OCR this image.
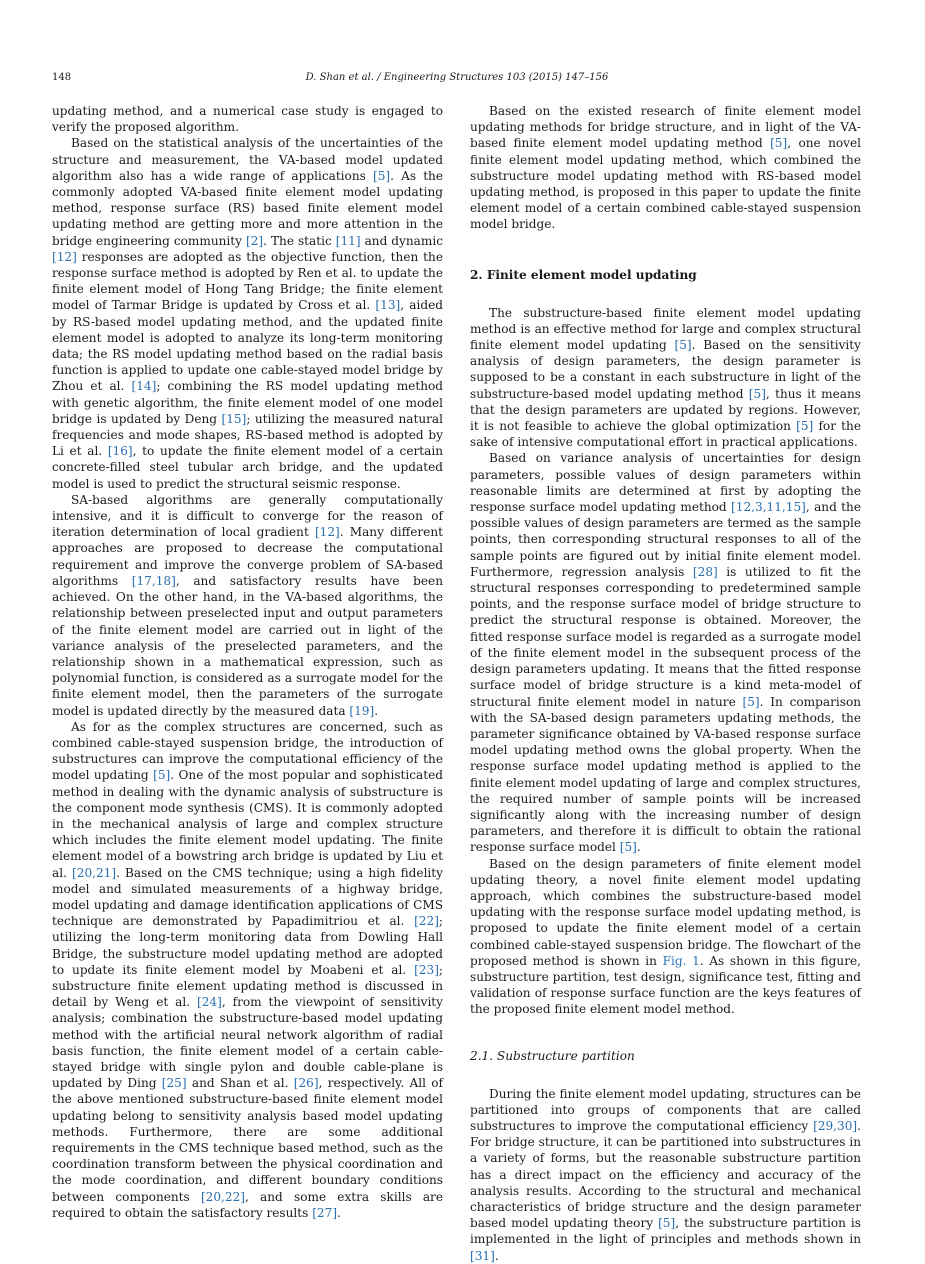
148	D. Shan et al. / Engineering Structures 103 (2015) 147–156

updating method, and a numerical case study is engaged to verify the proposed algorithm.

Based on the statistical analysis of the uncertainties of the structure and measurement, the VA-based model updated algorithm also has a wide range of applications [5]. As the commonly adopted VA-based finite element model updating method, response surface (RS) based finite element model updating method are getting more and more attention in the bridge engineering community [2]. The static [11] and dynamic [12] responses are adopted as the objective function, then the response surface method is adopted by Ren et al. to update the finite element model of Hong Tang Bridge; the finite element model of Tarmar Bridge is updated by Cross et al. [13], aided by RS-based model updating method, and the updated finite element model is adopted to analyze its long-term monitoring data; the RS model updating method based on the radial basis function is applied to update one cable-stayed model bridge by Zhou et al. [14]; combining the RS model updating method with genetic algorithm, the finite element model of one model bridge is updated by Deng [15]; utilizing the measured natural frequencies and mode shapes, RS-based method is adopted by Li et al. [16], to update the finite element model of a certain concrete-filled steel tubular arch bridge, and the updated model is used to predict the structural seismic response.

SA-based algorithms are generally computationally intensive, and it is difficult to converge for the reason of iteration determination of local gradient [12]. Many different approaches are proposed to decrease the computational requirement and improve the converge problem of SA-based algorithms [17,18], and satisfactory results have been achieved. On the other hand, in the VA-based algorithms, the relationship between preselected input and output parameters of the finite element model are carried out in light of the variance analysis of the preselected parameters, and the relationship shown in a mathematical expression, such as polynomial function, is considered as a surrogate model for the finite element model, then the parameters of the surrogate model is updated directly by the measured data [19].

As for as the complex structures are concerned, such as combined cable-stayed suspension bridge, the introduction of substructures can improve the computational efficiency of the model updating [5]. One of the most popular and sophisticated method in dealing with the dynamic analysis of substructure is the component mode synthesis (CMS). It is commonly adopted in the mechanical analysis of large and complex structure which includes the finite element model updating. The finite element model of a bowstring arch bridge is updated by Liu et al. [20,21]. Based on the CMS technique; using a high fidelity model and simulated measurements of a highway bridge, model updating and damage identification applications of CMS technique are demonstrated by Papadimitriou et al. [22]; utilizing the long-term monitoring data from Dowling Hall Bridge, the substructure model updating method are adopted to update its finite element model by Moabeni et al. [23]; substructure finite element updating method is discussed in detail by Weng et al. [24], from the viewpoint of sensitivity analysis; combination the substructure-based model updating method with the artificial neural network algorithm of radial basis function, the finite element model of a certain cable-stayed bridge with single pylon and double cable-plane is updated by Ding [25] and Shan et al. [26], respectively. All of the above mentioned substructure-based finite element model updating belong to sensitivity analysis based model updating methods. Furthermore, there are some additional requirements in the CMS technique based method, such as the coordination transform between the physical coordination and the mode coordination, and different boundary conditions between components [20,22], and some extra skills are required to obtain the satisfactory results [27].

Based on the existed research of finite element model updating methods for bridge structure, and in light of the VA-based finite element model updating method [5], one novel finite element model updating method, which combined the substructure model updating method with RS-based model updating method, is proposed in this paper to update the finite element model of a certain combined cable-stayed suspension model bridge.

2. Finite element model updating

The substructure-based finite element model updating method is an effective method for large and complex structural finite element model updating [5]. Based on the sensitivity analysis of design parameters, the design parameter is supposed to be a constant in each substructure in light of the substructure-based model updating method [5], thus it means that the design parameters are updated by regions. However, it is not feasible to achieve the global optimization [5] for the sake of intensive computational effort in practical applications.

Based on variance analysis of uncertainties for design parameters, possible values of design parameters within reasonable limits are determined at first by adopting the response surface model updating method [12,3,11,15], and the possible values of design parameters are termed as the sample points, then corresponding structural responses to all of the sample points are figured out by initial finite element model. Furthermore, regression analysis [28] is utilized to fit the structural responses corresponding to predetermined sample points, and the response surface model of bridge structure to predict the structural response is obtained. Moreover, the fitted response surface model is regarded as a surrogate model of the finite element model in the subsequent process of the design parameters updating. It means that the fitted response surface model of bridge structure is a kind meta-model of structural finite element model in nature [5]. In comparison with the SA-based design parameters updating methods, the parameter significance obtained by VA-based response surface model updating method owns the global property. When the response surface model updating method is applied to the finite element model updating of large and complex structures, the required number of sample points will be increased significantly along with the increasing number of design parameters, and therefore it is difficult to obtain the rational response surface model [5].

Based on the design parameters of finite element model updating theory, a novel finite element model updating approach, which combines the substructure-based model updating with the response surface model updating method, is proposed to update the finite element model of a certain combined cable-stayed suspension bridge. The flowchart of the proposed method is shown in Fig. 1. As shown in this figure, substructure partition, test design, significance test, fitting and validation of response surface function are the keys features of the proposed finite element model method.

2.1. Substructure partition

During the finite element model updating, structures can be partitioned into groups of components that are called substructures to improve the computational efficiency [29,30]. For bridge structure, it can be partitioned into substructures in a variety of forms, but the reasonable substructure partition has a direct impact on the efficiency and accuracy of the analysis results. According to the structural and mechanical characteristics of bridge structure and the design parameter based model updating theory [5], the substructure partition is implemented in the light of principles and methods shown in [31].
